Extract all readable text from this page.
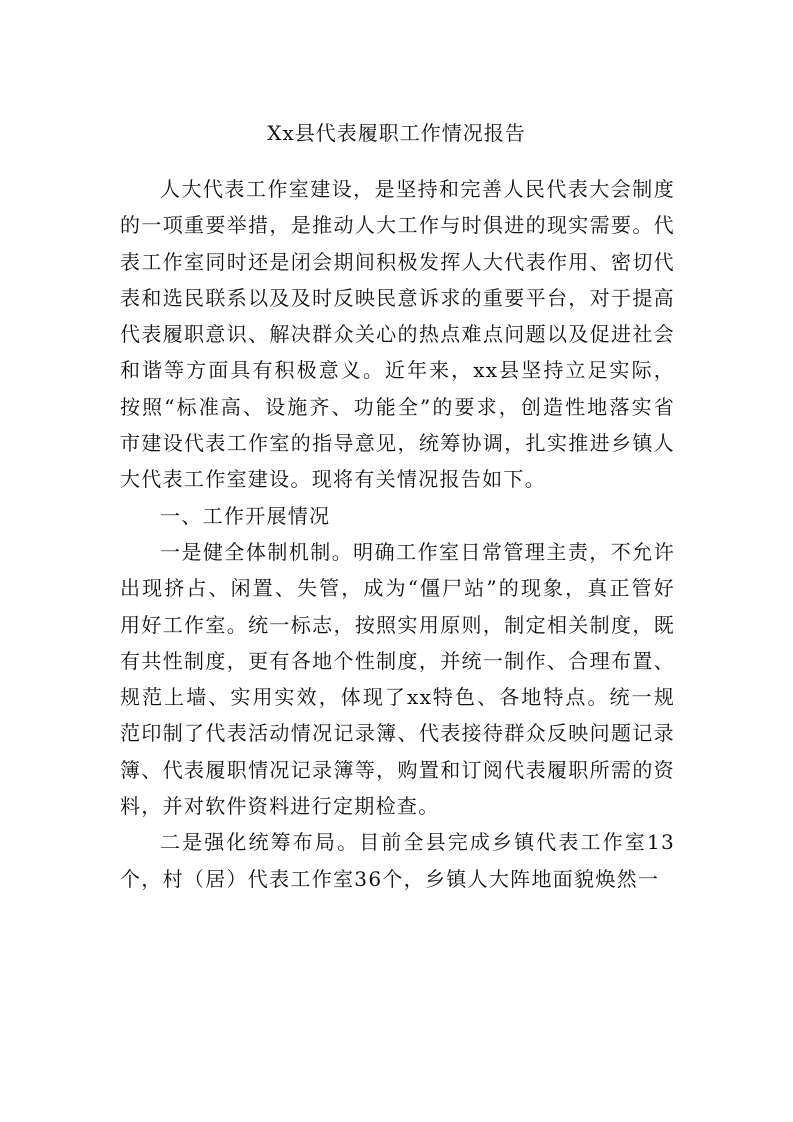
Xx县代表履职工作情况报告

人大代表工作室建设，是坚持和完善人民代表大会制度的一项重要举措，是推动人大工作与时俱进的现实需要。代表工作室同时还是闭会期间积极发挥人大代表作用、密切代表和选民联系以及及时反映民意诉求的重要平台，对于提高代表履职意识、解决群众关心的热点难点问题以及促进社会和谐等方面具有积极意义。近年来，xx县坚持立足实际，按照“标准高、设施齐、功能全”的要求，创造性地落实省市建设代表工作室的指导意见，统筹协调，扎实推进乡镇人大代表工作室建设。现将有关情况报告如下。

一、工作开展情况

一是健全体制机制。明确工作室日常管理主责，不允许出现挤占、闲置、失管，成为“僵尸站”的现象，真正管好用好工作室。统一标志，按照实用原则，制定相关制度，既有共性制度，更有各地个性制度，并统一制作、合理布置、规范上墙、实用实效，体现了xx特色、各地特点。统一规范印制了代表活动情况记录簿、代表接待群众反映问题记录簿、代表履职情况记录簿等，购置和订阅代表履职所需的资料，并对软件资料进行定期检查。

二是强化统筹布局。目前全县完成乡镇代表工作室13个，村（居）代表工作室36个，乡镇人大阵地面貌焕然一
